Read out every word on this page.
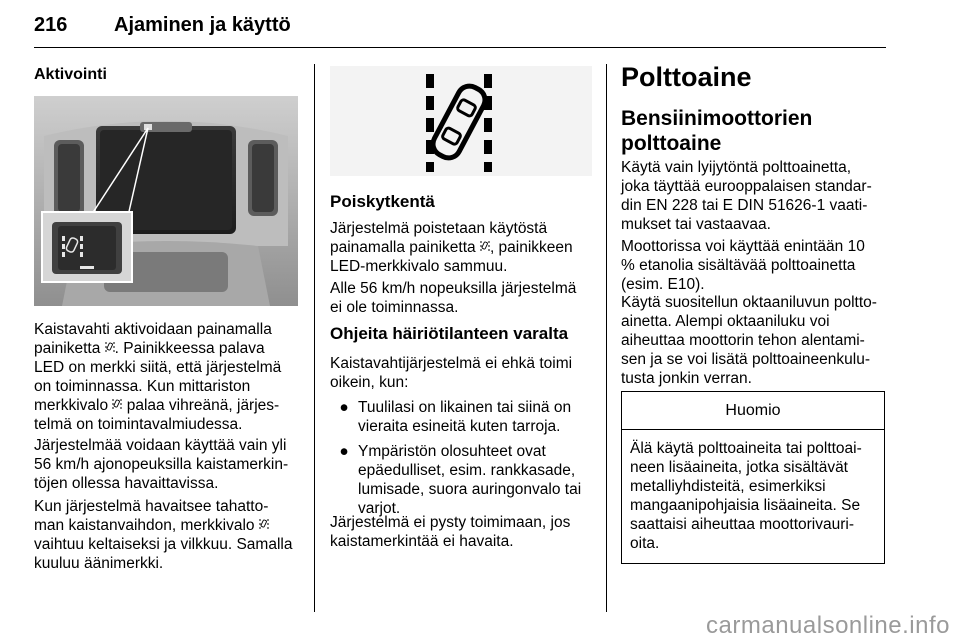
216 Ajaminen ja käyttö
Aktivointi

Kaistavahti aktivoidaan painamalla
painiketta . Painikkeessa palava
LED on merkki siitä, että järjestelmä
on toiminnassa. Kun mittariston
merkkivalo  palaa vihreänä, järjes-
telmä on toimintavalmiudessa.

Järjestelmää voidaan käyttää vain yli
56 km/h ajonopeuksilla kaistamerkin-
töjen ollessa havaittavissa.

Kun järjestelmä havaitsee tahatto-
man kaistanvaihdon, merkkivalo
vaihtuu keltaiseksi ja vilkkuu. Samalla
kuuluu äänimerkki.

Poiskytkentä

Järjestelmä poistetaan käytöstä
painamalla painiketta , painikkeen
LED-merkkivalo sammuu.

Alle 56 km/h nopeuksilla järjestelmä
ei ole toiminnassa.

Ohjeita häiriötilanteen varalta

Kaistavahtijärjestelmä ei ehkä toimi
oikein, kun:

● Tuulilasi on likainen tai siinä on
vieraita esineitä kuten tarroja.
● Ympäristön olosuhteet ovat
epäedulliset, esim. rankkasade,
lumisade, suora auringonvalo tai
varjot.

Järjestelmä ei pysty toimimaan, jos
kaistamerkintää ei havaita.

Polttoaine
Bensiinimoottorien
polttoaine

Käytä vain lyijytöntä polttoainetta,
joka täyttää eurooppalaisen standar-
din EN 228 tai E DIN 51626-1 vaati-
mukset tai vastaavaa.

Moottorissa voi käyttää enintään 10
% etanolia sisältävää polttoainetta
(esim. E10).

Käytä suositellun oktaaniluvun poltto-
ainetta. Alempi oktaaniluku voi
aiheuttaa moottorin tehon alentami-
sen ja se voi lisätä polttoaineenkulu-
tusta jonkin verran.

Huomio
Älä käytä polttoaineita tai polttoai-
neen lisäaineita, jotka sisältävät
metalliyhdisteitä, esimerkiksi
mangaanipohjaisia lisäaineita. Se
saattaisi aiheuttaa moottorivauri-
oita.
carmanualsonline.info
